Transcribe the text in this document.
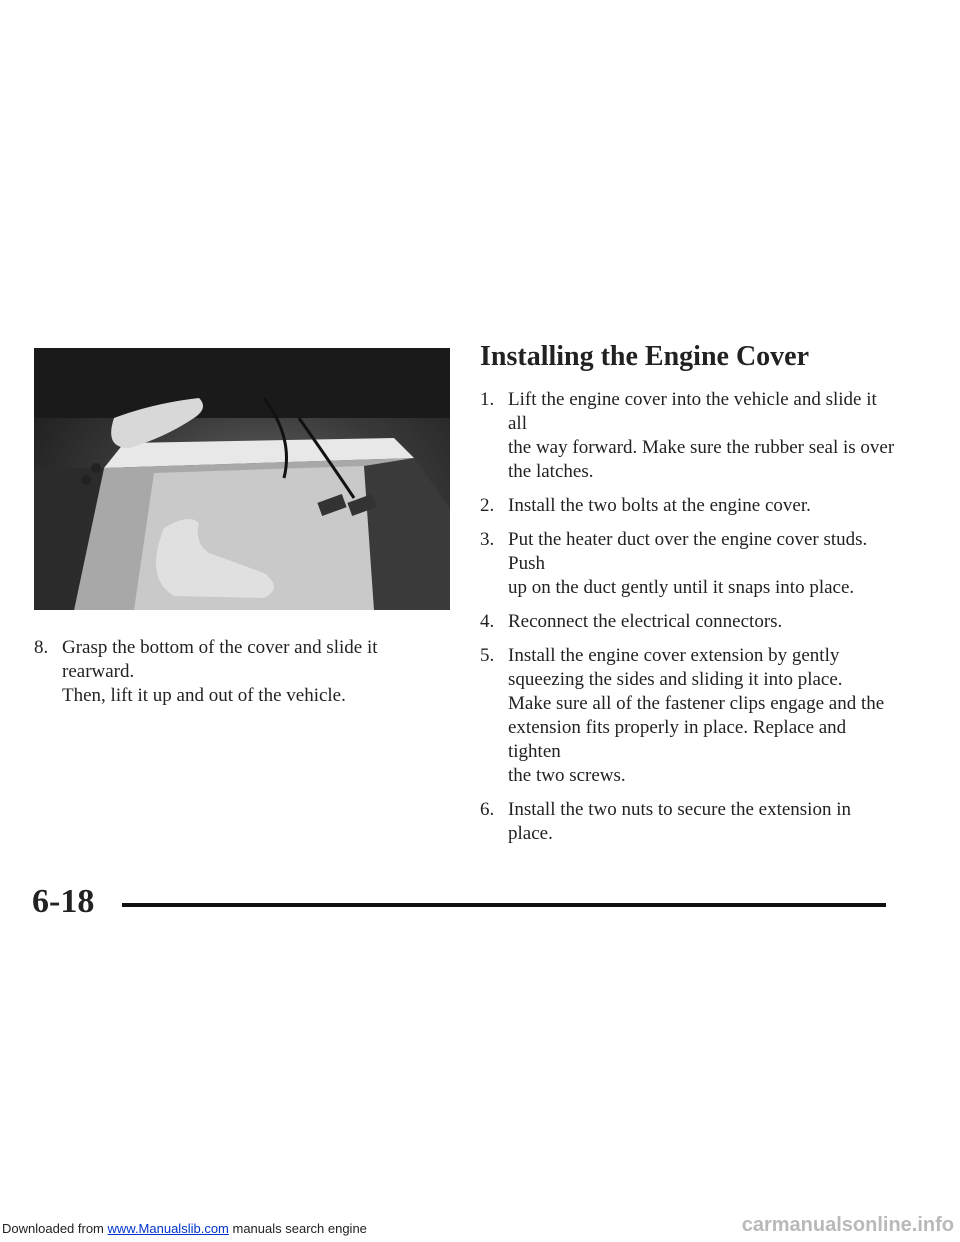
8. Grasp the bottom of the cover and slide it rearward.
Then, lift it up and out of the vehicle.
Installing the Engine Cover
1. Lift the engine cover into the vehicle and slide it all
the way forward. Make sure the rubber seal is over
the latches.
2. Install the two bolts at the engine cover.
3. Put the heater duct over the engine cover studs. Push
up on the duct gently until it snaps into place.
4. Reconnect the electrical connectors.
5. Install the engine cover extension by gently
squeezing the sides and sliding it into place.
Make sure all of the fastener clips engage and the
extension fits properly in place. Replace and tighten
the two screws.
6. Install the two nuts to secure the extension in place.
6-18
Downloaded from www.Manualslib.com manuals search engine	carmanualsonline.info
